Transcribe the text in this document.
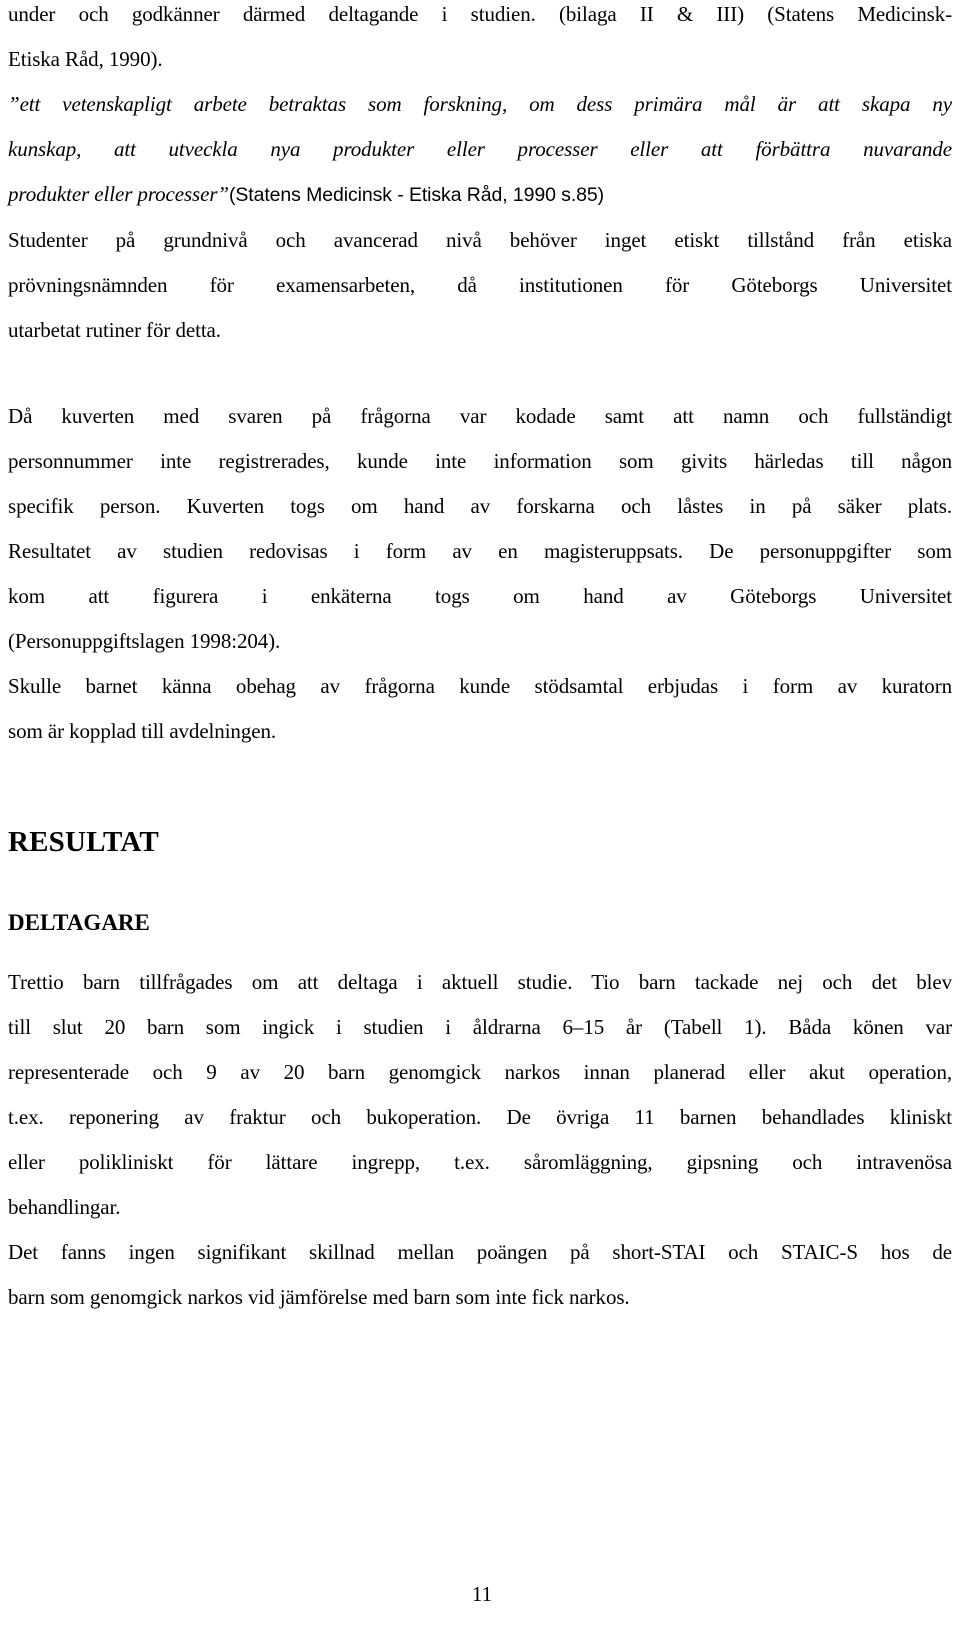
under och godkänner därmed deltagande i studien. (bilaga II & III) (Statens Medicinsk-
Etiska Råd, 1990).

”ett vetenskapligt arbete betraktas som forskning, om dess primära mål är att skapa ny
kunskap, att utveckla nya produkter eller processer eller att förbättra nuvarande
produkter eller processer”(Statens Medicinsk - Etiska Råd, 1990 s.85)

Studenter på grundnivå och avancerad nivå behöver inget etiskt tillstånd från etiska
prövningsnämnden för examensarbeten, då institutionen för Göteborgs Universitet
utarbetat rutiner för detta.

Då kuverten med svaren på frågorna var kodade samt att namn och fullständigt
personnummer inte registrerades, kunde inte information som givits härledas till någon
specifik person. Kuverten togs om hand av forskarna och låstes in på säker plats.
Resultatet av studien redovisas i form av en magisteruppsats. De personuppgifter som
kom att figurera i enkäterna togs om hand av Göteborgs Universitet
(Personuppgiftslagen 1998:204).

Skulle barnet känna obehag av frågorna kunde stödsamtal erbjudas i form av kuratorn
som är kopplad till avdelningen.

RESULTAT
DELTAGARE

Trettio barn tillfrågades om att deltaga i aktuell studie. Tio barn tackade nej och det blev
till slut 20 barn som ingick i studien i åldrarna 6–15 år (Tabell 1). Båda könen var
representerade och 9 av 20 barn genomgick narkos innan planerad eller akut operation,
t.ex. reponering av fraktur och bukoperation. De övriga 11 barnen behandlades kliniskt
eller polikliniskt för lättare ingrepp, t.ex. såromläggning, gipsning och intravenösa
behandlingar.

Det fanns ingen signifikant skillnad mellan poängen på short-STAI och STAIC-S hos de
barn som genomgick narkos vid jämförelse med barn som inte fick narkos.

11
